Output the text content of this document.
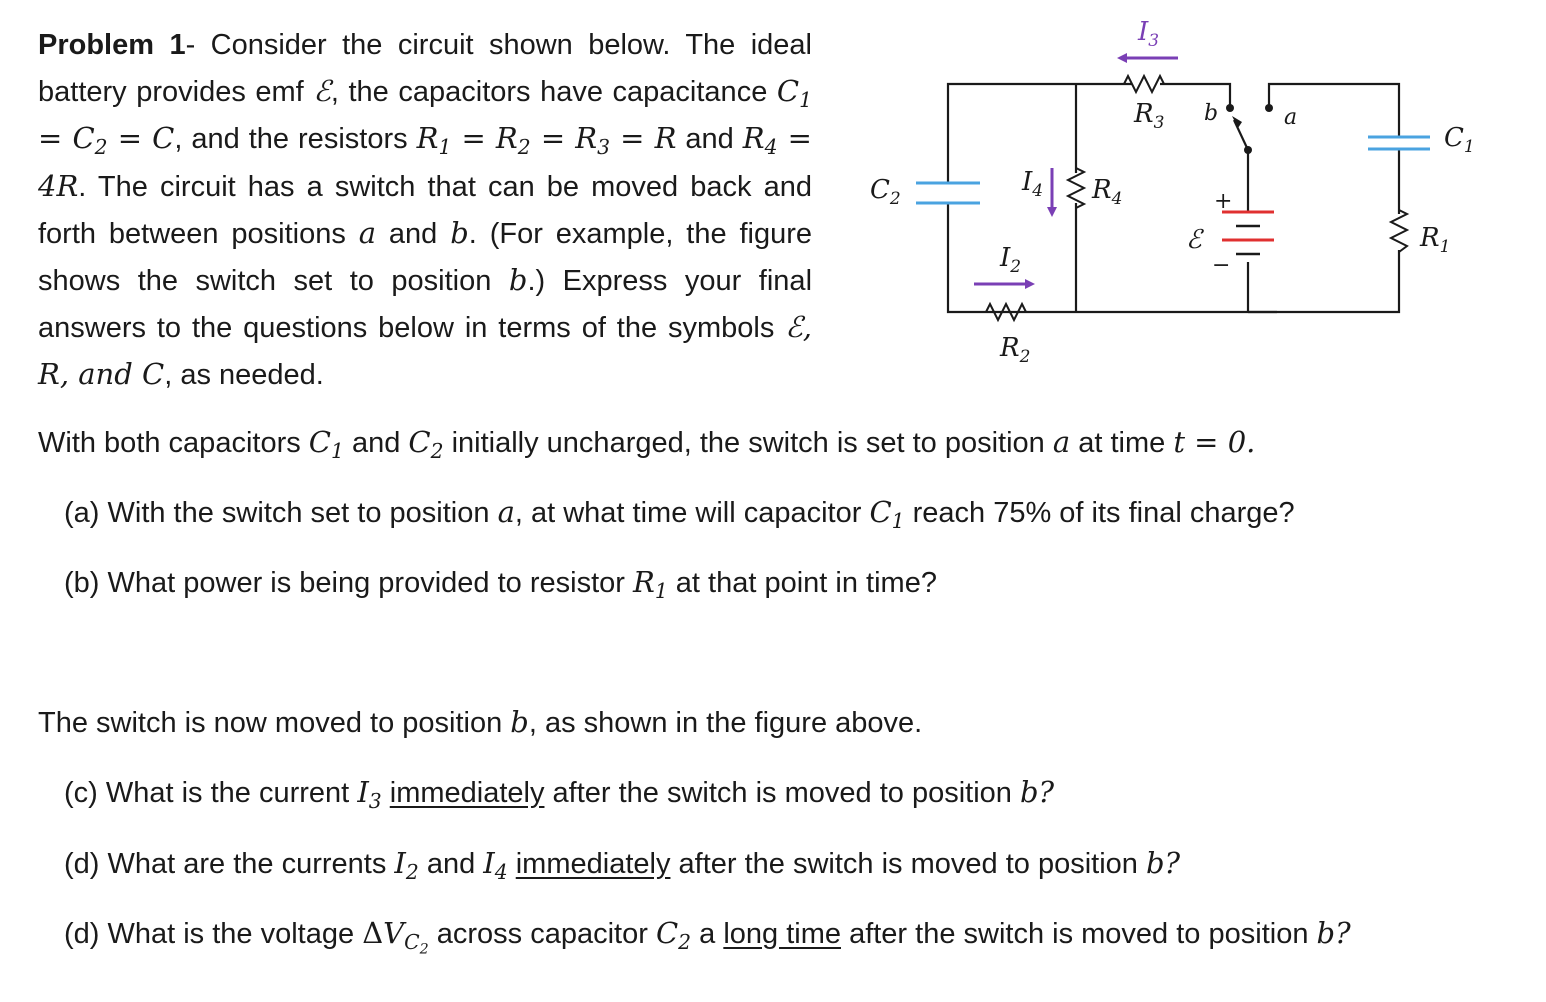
Problem 1- Consider the circuit shown below. The ideal battery provides emf ℰ, the capacitors have capacitance $C_1 = C_2 = C$, and the resistors $R_1 = R_2 = R_3 = R$ and $R_4 = 4R$. The circuit has a switch that can be moved back and forth between positions a and b. (For example, the figure shows the switch set to position b.) Express your final answers to the questions below in terms of the symbols ℰ, R, and C, as needed.
With both capacitors $C_1$ and $C_2$ initially uncharged, the switch is set to position a at time t = 0.
(a) With the switch set to position a, at what time will capacitor $C_1$ reach 75% of its final charge?
(b) What power is being provided to resistor $R_1$ at that point in time?
The switch is now moved to position b, as shown in the figure above.
(c) What is the current $I_3$ immediately after the switch is moved to position b?
(d) What are the currents $I_2$ and $I_4$ immediately after the switch is moved to position b?
(d) What is the voltage $\Delta V_{C_2}$ across capacitor $C_2$ a long time after the switch is moved to position b?
$I_3$
$R_3$ b	a
$C_1$
$C_2$
$I_4$ $R_4$	+
ℰ
−
$R_1$
$I_2$
$R_2$
